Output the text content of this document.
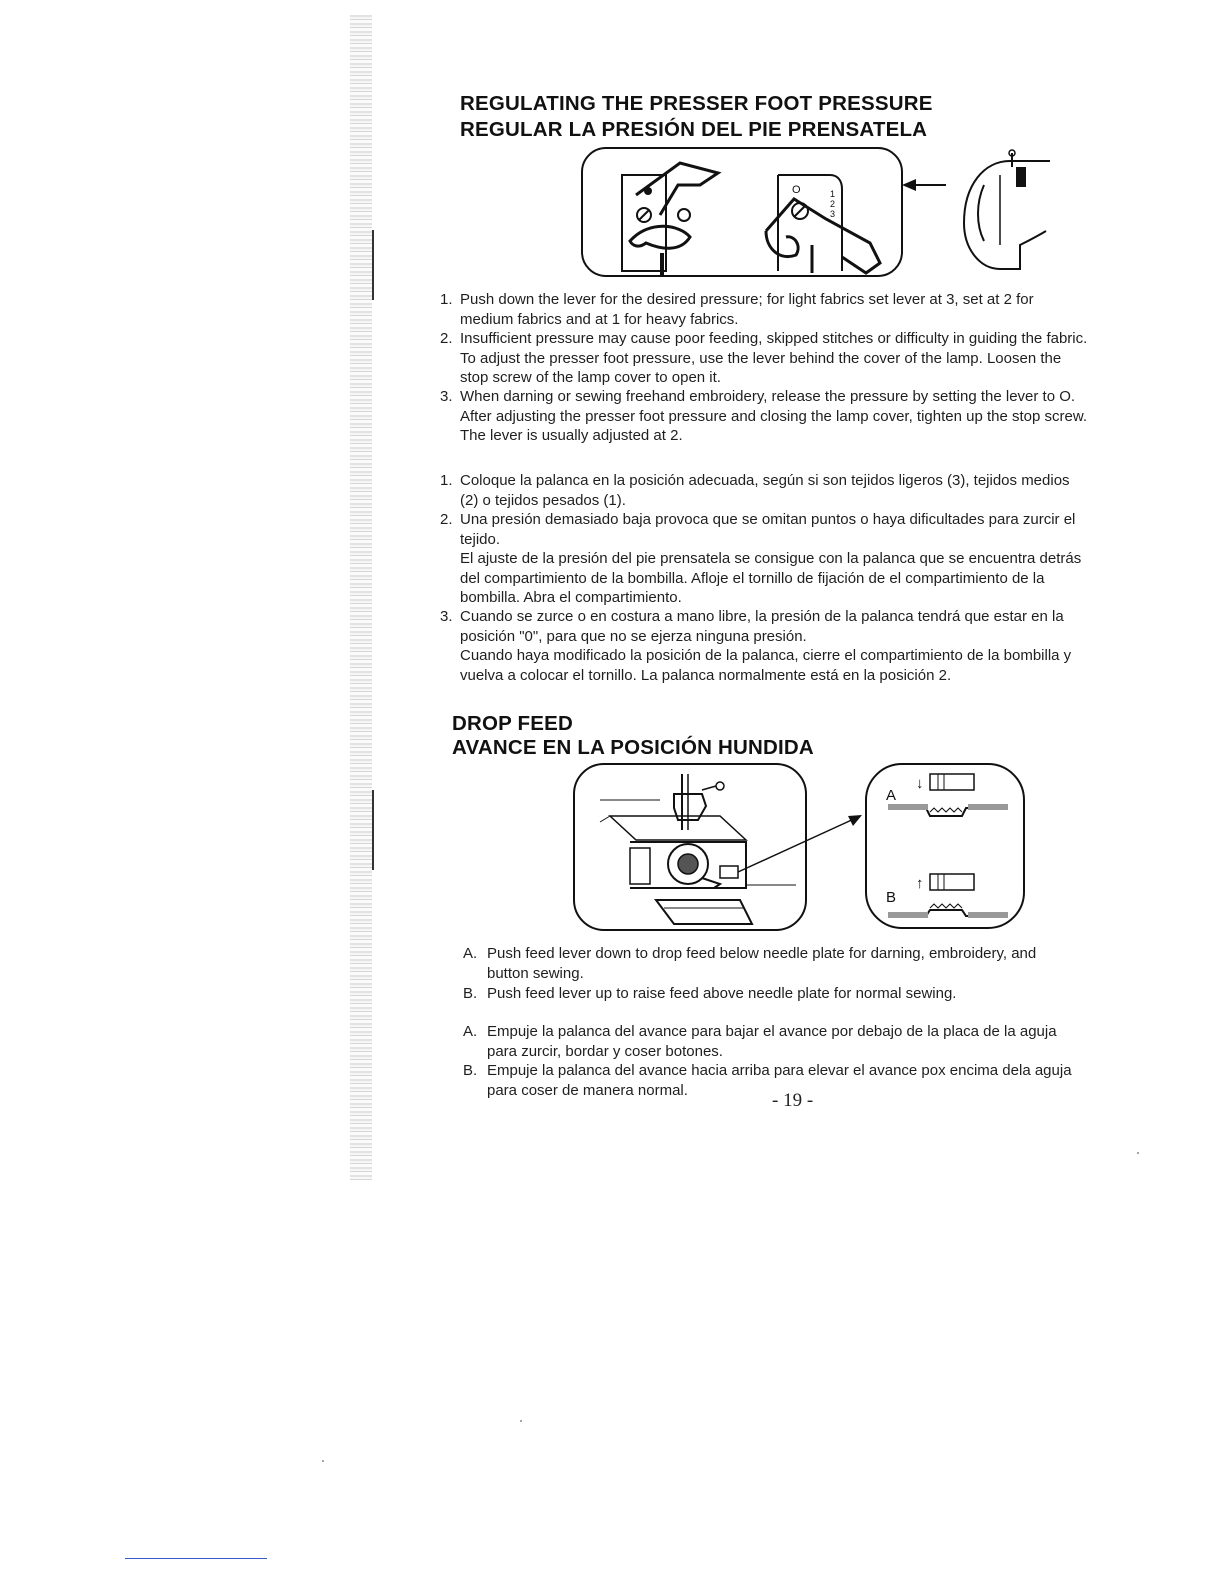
REGULATING THE PRESSER FOOT PRESSURE
REGULAR LA PRESIÓN DEL PIE PRENSATELA
O	1
2
3
1. Push down the lever for the desired pressure; for light fabrics set lever at 3, set at 2 for
medium fabrics and at 1 for heavy fabrics.
2. Insufficient pressure may cause poor feeding, skipped stitches or difficulty in guiding the fabric.
To adjust the presser foot pressure, use the lever behind the cover of the lamp. Loosen the
stop screw of the lamp cover to open it.
3. When darning or sewing freehand embroidery, release the pressure by setting the lever to O.
After adjusting the presser foot pressure and closing the lamp cover, tighten up the stop screw.
The lever is usually adjusted at 2.
1. Coloque la palanca en la posición adecuada, según si son tejidos ligeros (3), tejidos medios
(2) o tejidos pesados (1).
2. Una presión demasiado baja provoca que se omitan puntos o haya dificultades para zurcir el
tejido.
El ajuste de la presión del pie prensatela se consigue con la palanca que se encuentra detrás
del compartimiento de la bombilla. Afloje el tornillo de fijación de el compartimiento de la
bombilla. Abra el compartimiento.
3. Cuando se zurce o en costura a mano libre, la presión de la palanca tendrá que estar en la
posición "0", para que no se ejerza ninguna presión.
Cuando haya modificado la posición de la palanca, cierre el compartimiento de la bombilla y
vuelva a colocar el tornillo. La palanca normalmente está en la posición 2.
DROP FEED
AVANCE EN LA POSICIÓN HUNDIDA
A
↓
B
↑
A. Push feed lever down to drop feed below needle plate for darning, embroidery, and
button sewing.
B. Push feed lever up to raise feed above needle plate for normal sewing.
A. Empuje la palanca del avance para bajar el avance por debajo de la placa de la aguja
para zurcir, bordar y coser botones.
B. Empuje la palanca del avance hacia arriba para elevar el avance pox encima dela aguja
para coser de manera normal.	- 19 -
